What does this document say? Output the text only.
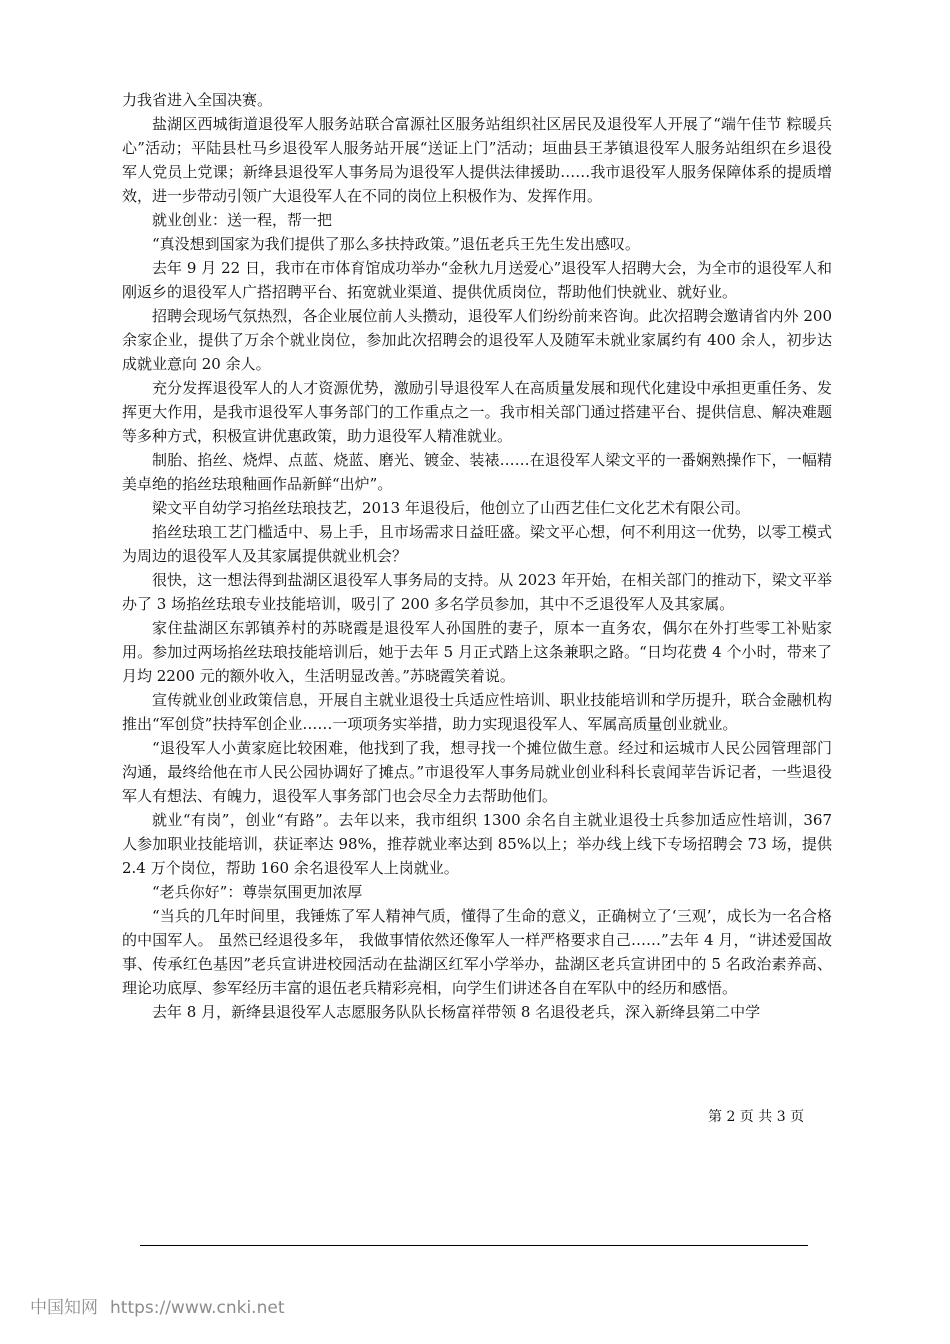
力我省进入全国决赛。

盐湖区西城街道退役军人服务站联合富源社区服务站组织社区居民及退役军人开展了“端午佳节 粽暖兵心”活动；平陆县杜马乡退役军人服务站开展“送证上门”活动；垣曲县王茅镇退役军人服务站组织在乡退役军人党员上党课；新绛县退役军人事务局为退役军人提供法律援助……我市退役军人服务保障体系的提质增效，进一步带动引领广大退役军人在不同的岗位上积极作为、发挥作用。

就业创业：送一程，帮一把

“真没想到国家为我们提供了那么多扶持政策。”退伍老兵王先生发出感叹。

去年 9 月 22 日，我市在市体育馆成功举办“金秋九月送爱心”退役军人招聘大会，为全市的退役军人和刚返乡的退役军人广搭招聘平台、拓宽就业渠道、提供优质岗位，帮助他们快就业、就好业。

招聘会现场气氛热烈，各企业展位前人头攒动，退役军人们纷纷前来咨询。此次招聘会邀请省内外 200 余家企业，提供了万余个就业岗位，参加此次招聘会的退役军人及随军未就业家属约有 400 余人，初步达成就业意向 20 余人。

充分发挥退役军人的人才资源优势，激励引导退役军人在高质量发展和现代化建设中承担更重任务、发挥更大作用，是我市退役军人事务部门的工作重点之一。我市相关部门通过搭建平台、提供信息、解决难题等多种方式，积极宣讲优惠政策，助力退役军人精准就业。

制胎、掐丝、烧焊、点蓝、烧蓝、磨光、镀金、装裱……在退役军人梁文平的一番娴熟操作下，一幅精美卓绝的掐丝珐琅釉画作品新鲜“出炉”。

梁文平自幼学习掐丝珐琅技艺，2013 年退役后，他创立了山西艺佳仁文化艺术有限公司。

掐丝珐琅工艺门槛适中、易上手，且市场需求日益旺盛。梁文平心想，何不利用这一优势，以零工模式为周边的退役军人及其家属提供就业机会？

很快，这一想法得到盐湖区退役军人事务局的支持。从 2023 年开始，在相关部门的推动下，梁文平举办了 3 场掐丝珐琅专业技能培训，吸引了 200 多名学员参加，其中不乏退役军人及其家属。

家住盐湖区东郭镇养村的苏晓霞是退役军人孙国胜的妻子，原本一直务农，偶尔在外打些零工补贴家用。参加过两场掐丝珐琅技能培训后，她于去年 5 月正式踏上这条兼职之路。“日均花费 4 个小时，带来了月均 2200 元的额外收入，生活明显改善。”苏晓霞笑着说。

宣传就业创业政策信息，开展自主就业退役士兵适应性培训、职业技能培训和学历提升，联合金融机构推出“军创贷”扶持军创企业……一项项务实举措，助力实现退役军人、军属高质量创业就业。

“退役军人小黄家庭比较困难，他找到了我，想寻找一个摊位做生意。经过和运城市人民公园管理部门沟通，最终给他在市人民公园协调好了摊点。”市退役军人事务局就业创业科科长袁闻苹告诉记者，一些退役军人有想法、有魄力，退役军人事务部门也会尽全力去帮助他们。

就业“有岗”，创业“有路”。去年以来，我市组织 1300 余名自主就业退役士兵参加适应性培训，367 人参加职业技能培训，获证率达 98%，推荐就业率达到 85%以上；举办线上线下专场招聘会 73 场，提供 2.4 万个岗位，帮助 160 余名退役军人上岗就业。

“老兵你好”：尊崇氛围更加浓厚

“当兵的几年时间里，我锤炼了军人精神气质，懂得了生命的意义，正确树立了‘三观’，成长为一名合格的中国军人。 虽然已经退役多年， 我做事情依然还像军人一样严格要求自己……”去年 4 月，“讲述爱国故事、传承红色基因”老兵宣讲进校园活动在盐湖区红军小学举办，盐湖区老兵宣讲团中的 5 名政治素养高、理论功底厚、参军经历丰富的退伍老兵精彩亮相，向学生们讲述各自在军队中的经历和感悟。

去年 8 月，新绛县退役军人志愿服务队队长杨富祥带领 8 名退役老兵，深入新绛县第二中学

第 2 页 共 3 页
中国知网 https://www.cnki.net
